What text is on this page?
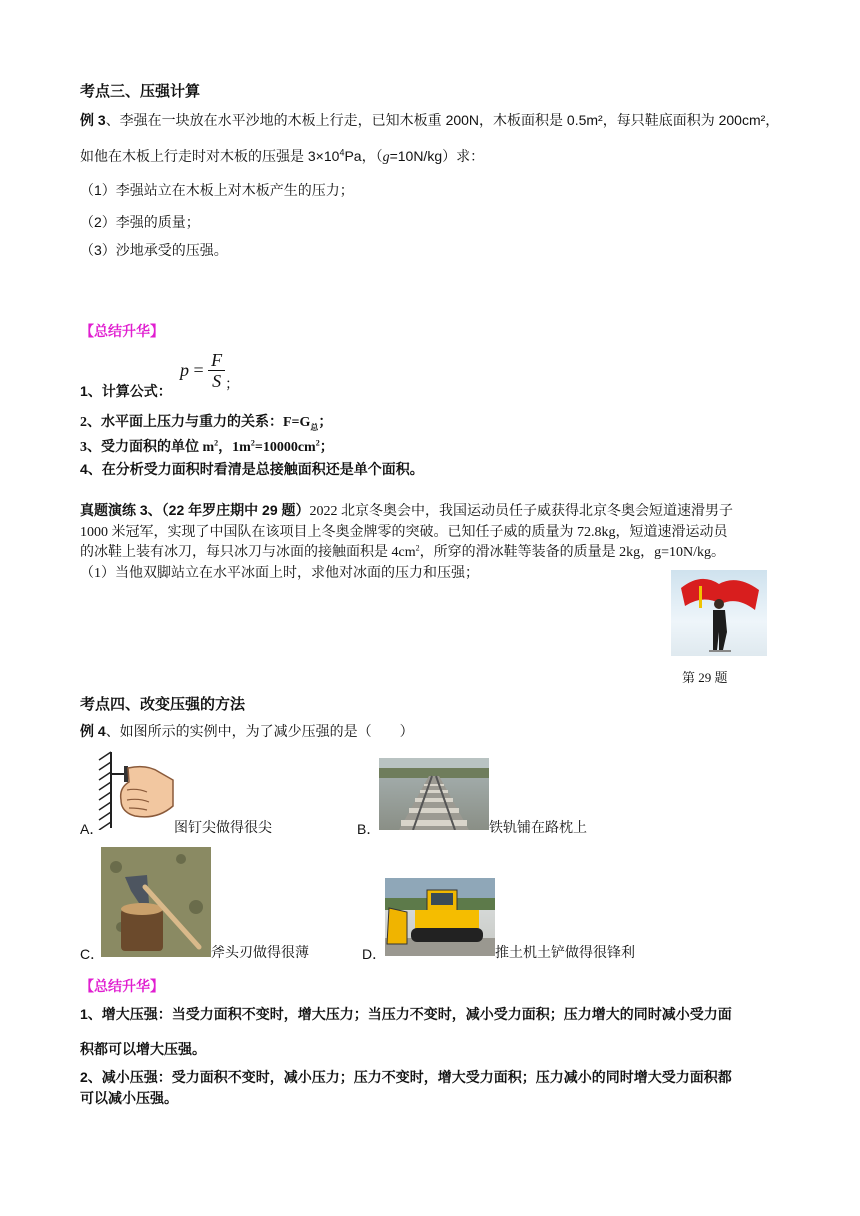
考点三、压强计算
例 3、李强在一块放在水平沙地的木板上行走，已知木板重 200N，木板面积是 0.5m²，每只鞋底面积为 200cm²，
如他在木板上行走时对木板的压强是 $3\times 10^4Pa$，（g=10N/kg）求：
（1）李强站立在木板上对木板产生的压力；
（2）李强的质量；
（3）沙地承受的压强。
【总结升华】
1、计算公式：
$p = \frac{F}{S} _;$
2、水平面上压力与重力的关系：$F=G_总$；
3、受力面积的单位 $m^2$，$1m^2=10000cm^2$；
4、在分析受力面积时看清是总接触面积还是单个面积。
真题演练 3、（22 年罗庄期中 29 题）2022 北京冬奥会中，我国运动员任子威获得北京冬奥会短道速滑男子
1000 米冠军，实现了中国队在该项目上冬奥金牌零的突破。已知任子威的质量为 72.8kg，短道速滑运动员
的冰鞋上装有冰刀，每只冰刀与冰面的接触面积是 $4cm^2$，所穿的滑冰鞋等装备的质量是 2kg，g=10N/kg。
（1）当他双脚站立在水平冰面上时，求他对冰面的压力和压强；
第 29 题
考点四、改变压强的方法
例 4、如图所示的实例中，为了减少压强的是（　　）
A．	图钉尖做得很尖	B．	铁轨铺在路枕上
C．	斧头刃做得很薄	D．	推土机土铲做得很锋利
【总结升华】
1、增大压强：当受力面积不变时，增大压力；当压力不变时，减小受力面积；压力增大的同时减小受力面
积都可以增大压强。
2、减小压强：受力面积不变时，减小压力；压力不变时，增大受力面积；压力减小的同时增大受力面积都
可以减小压强。
